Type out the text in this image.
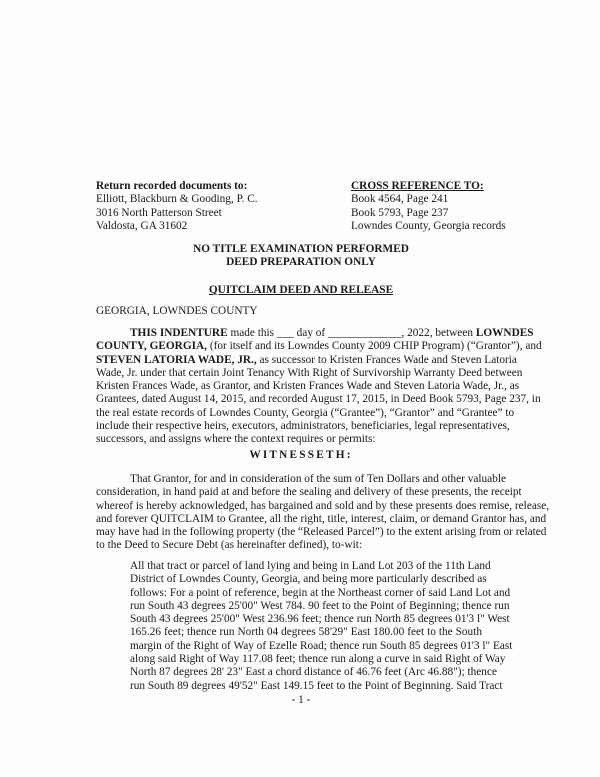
Return recorded documents to:
Elliott, Blackburn & Gooding, P. C.
3016 North Patterson Street
Valdosta, GA 31602
CROSS REFERENCE TO:
Book 4564, Page 241
Book 5793, Page 237
Lowndes County, Georgia records
NO TITLE EXAMINATION PERFORMED
DEED PREPARATION ONLY
QUITCLAIM DEED AND RELEASE
GEORGIA, LOWNDES COUNTY
THIS INDENTURE made this ___ day of _____________, 2022, between LOWNDES
COUNTY, GEORGIA, (for itself and its Lowndes County 2009 CHIP Program) (“Grantor”), and
STEVEN LATORIA WADE, JR., as successor to Kristen Frances Wade and Steven Latoria
Wade, Jr. under that certain Joint Tenancy With Right of Survivorship Warranty Deed between
Kristen Frances Wade, as Grantor, and Kristen Frances Wade and Steven Latoria Wade, Jr., as
Grantees, dated August 14, 2015, and recorded August 17, 2015, in Deed Book 5793, Page 237, in
the real estate records of Lowndes County, Georgia (“Grantee”), “Grantor” and “Grantee” to
include their respective heirs, executors, administrators, beneficiaries, legal representatives,
successors, and assigns where the context requires or permits:
WITNESSETH:
That Grantor, for and in consideration of the sum of Ten Dollars and other valuable
consideration, in hand paid at and before the sealing and delivery of these presents, the receipt
whereof is hereby acknowledged, has bargained and sold and by these presents does remise, release,
and forever QUITCLAIM to Grantee, all the right, title, interest, claim, or demand Grantor has, and
may have had in the following property (the “Released Parcel”) to the extent arising from or related
to the Deed to Secure Debt (as hereinafter defined), to-wit:
All that tract or parcel of land lying and being in Land Lot 203 of the 11th Land
District of Lowndes County, Georgia, and being more particularly described as
follows: For a point of reference, begin at the Northeast corner of said Land Lot and
run South 43 degrees 25'00" West 784. 90 feet to the Point of Beginning; thence run
South 43 degrees 25'00" West 236.96 feet; thence run North 85 degrees 01'3 l" West
165.26 feet; thence run North 04 degrees 58'29" East 180.00 feet to the South
margin of the Right of Way of Ezelle Road; thence run South 85 degrees 01'3 l" East
along said Right of Way 117.08 feet; thence run along a curve in said Right of Way
North 87 degrees 28' 23" East a chord distance of 46.76 feet (Arc 46.88"); thence
run South 89 degrees 49'52" East 149.15 feet to the Point of Beginning. Said Tract
- 1 -
